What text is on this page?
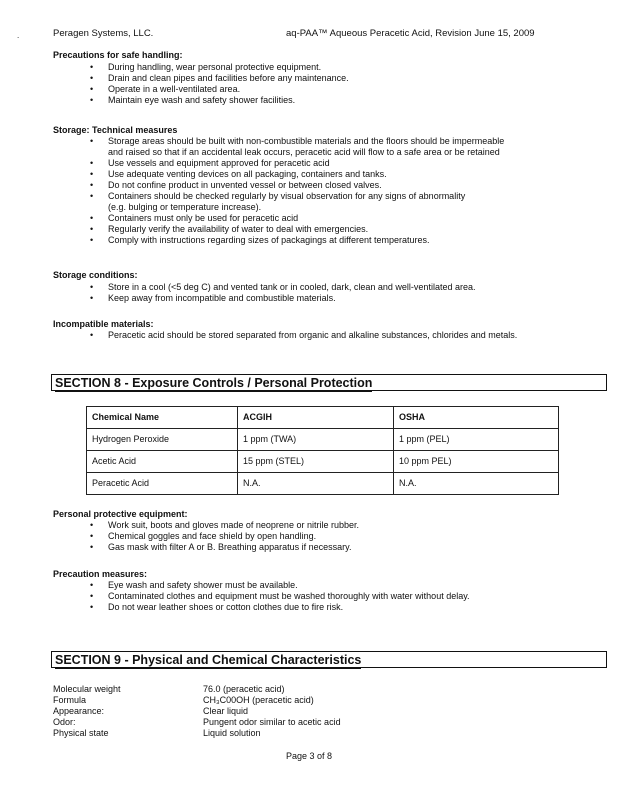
.	Peragen Systems, LLC.	aq-PAA™ Aqueous Peracetic Acid, Revision June 15, 2009
Precautions for safe handling:
• During handling, wear personal protective equipment.
• Drain and clean pipes and facilities before any maintenance.
• Operate in a well-ventilated area.
• Maintain eye wash and safety shower facilities.
Storage: Technical measures
• Storage areas should be built with non-combustible materials and the floors should be impermeable
and raised so that if an accidental leak occurs, peracetic acid will flow to a safe area or be retained
• Use vessels and equipment approved for peracetic acid
• Use adequate venting devices on all packaging, containers and tanks.
• Do not confine product in unvented vessel or between closed valves.
• Containers should be checked regularly by visual observation for any signs of abnormality
(e.g. bulging or temperature increase).
• Containers must only be used for peracetic acid
• Regularly verify the availability of water to deal with emergencies.
• Comply with instructions regarding sizes of packagings at different temperatures.
Storage conditions:
• Store in a cool (<5 deg C) and vented tank or in cooled, dark, clean and well-ventilated area.
• Keep away from incompatible and combustible materials.
Incompatible materials:
• Peracetic acid should be stored separated from organic and alkaline substances, chlorides and metals.
SECTION 8 - Exposure Controls / Personal Protection
Chemical Name	ACGIH	OSHA
Hydrogen Peroxide	1 ppm (TWA)	1 ppm (PEL)
Acetic Acid	15 ppm (STEL)	10 ppm PEL)
Peracetic Acid	N.A.	N.A.
Personal protective equipment:
• Work suit, boots and gloves made of neoprene or nitrile rubber.
• Chemical goggles and face shield by open handling.
• Gas mask with filter A or B. Breathing apparatus if necessary.
Precaution measures:
• Eye wash and safety shower must be available.
• Contaminated clothes and equipment must be washed thoroughly with water without delay.
• Do not wear leather shoes or cotton clothes due to fire risk.
SECTION 9 - Physical and Chemical Characteristics
Molecular weight	76.0 (peracetic acid)
Formula	CH₃C00OH (peracetic acid)
Appearance:	Clear liquid
Odor:	Pungent odor similar to acetic acid
Physical state	Liquid solution
Page 3 of 8
